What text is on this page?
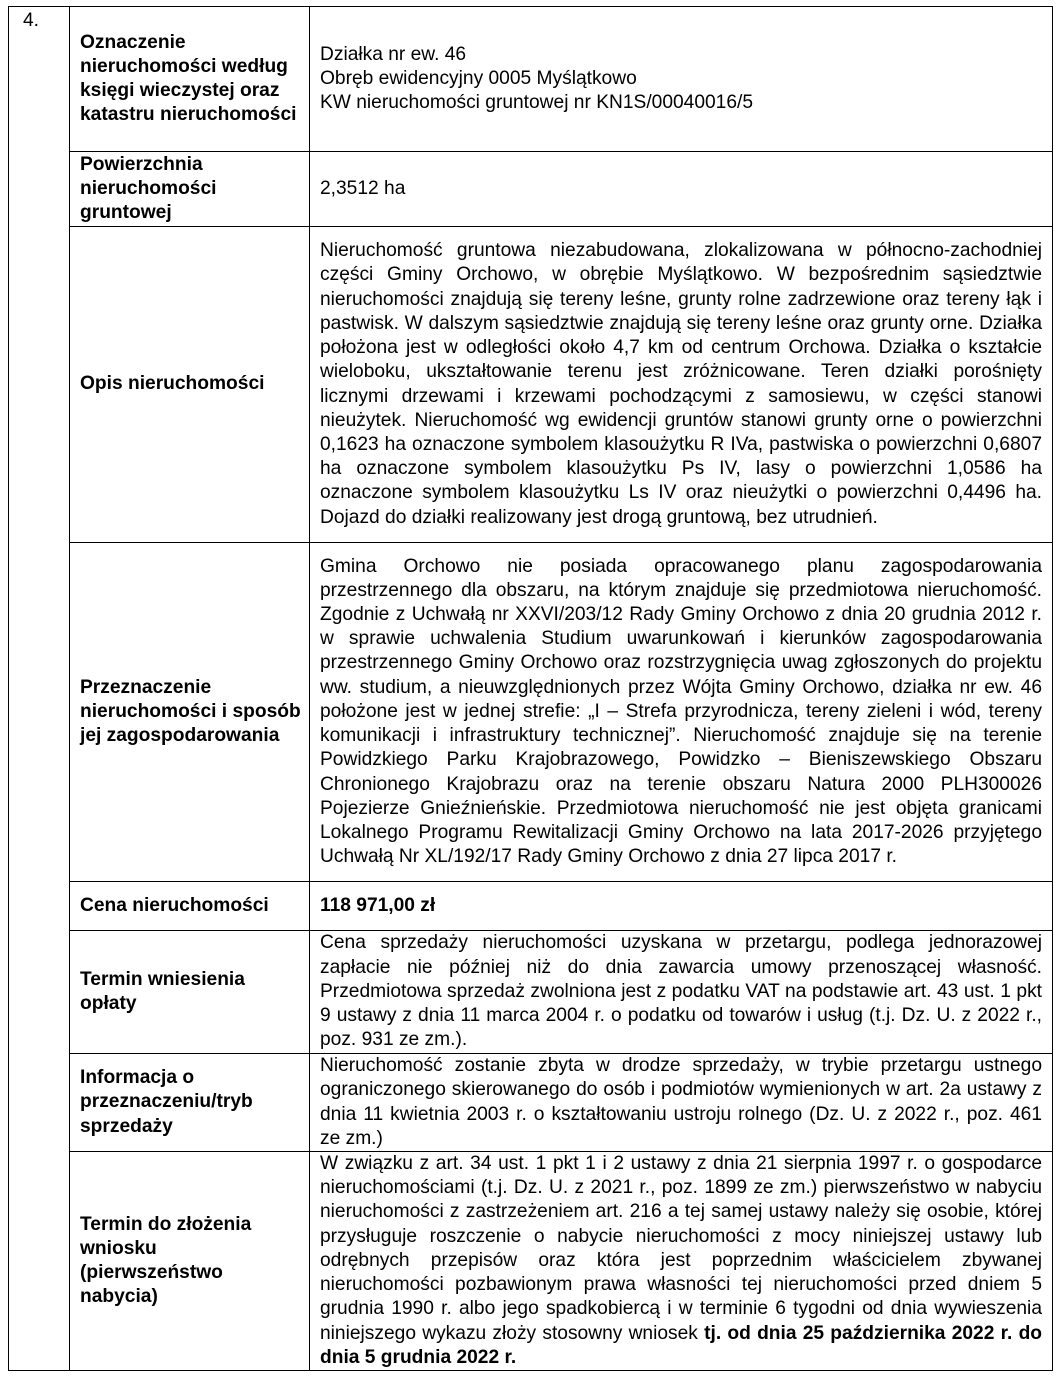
4.	Oznaczenie nieruchomości według księgi wieczystej oraz katastru nieruchomości	Działka nr ew. 46
Obręb ewidencyjny 0005 Myślątkowo
KW nieruchomości gruntowej nr KN1S/00040016/5

	Powierzchnia nieruchomości gruntowej	2,3512 ha
	Opis nieruchomości	Nieruchomość gruntowa niezabudowana, zlokalizowana w północno-zachodniej części Gminy Orchowo, w obrębie Myślątkowo. W bezpośrednim sąsiedztwie nieruchomości znajdują się tereny leśne, grunty rolne zadrzewione oraz tereny łąk i pastwisk. W dalszym sąsiedztwie znajdują się tereny leśne oraz grunty orne. Działka położona jest w odległości około 4,7 km od centrum Orchowa. Działka o kształcie wieloboku, ukształtowanie terenu jest zróżnicowane. Teren działki porośnięty licznymi drzewami i krzewami pochodzącymi z samosiewu, w części stanowi nieużytek. Nieruchomość wg ewidencji gruntów stanowi grunty orne o powierzchni 0,1623 ha oznaczone symbolem klasoużytku R IVa, pastwiska o powierzchni 0,6807 ha oznaczone symbolem klasoużytku Ps IV, lasy o powierzchni 1,0586 ha oznaczone symbolem klasoużytku Ls IV oraz nieużytki o powierzchni 0,4496 ha. Dojazd do działki realizowany jest drogą gruntową, bez utrudnień.
	Przeznaczenie nieruchomości i sposób jej zagospodarowania	Gmina Orchowo nie posiada opracowanego planu zagospodarowania przestrzennego dla obszaru, na którym znajduje się przedmiotowa nieruchomość. Zgodnie z Uchwałą nr XXVI/203/12 Rady Gminy Orchowo z dnia 20 grudnia 2012 r. w sprawie uchwalenia Studium uwarunkowań i kierunków zagospodarowania przestrzennego Gminy Orchowo oraz rozstrzygnięcia uwag zgłoszonych do projektu ww. studium, a nieuwzględnionych przez Wójta Gminy Orchowo, działka nr ew. 46 położone jest w jednej strefie: „I – Strefa przyrodnicza, tereny zieleni i wód, tereny komunikacji i infrastruktury technicznej”. Nieruchomość znajduje się na terenie Powidzkiego Parku Krajobrazowego, Powidzko – Bieniszewskiego Obszaru Chronionego Krajobrazu oraz na terenie obszaru Natura 2000 PLH300026 Pojezierze Gnieźnieńskie. Przedmiotowa nieruchomość nie jest objęta granicami Lokalnego Programu Rewitalizacji Gminy Orchowo na lata 2017-2026 przyjętego Uchwałą Nr XL/192/17 Rady Gminy Orchowo z dnia 27 lipca 2017 r.
	Cena nieruchomości	118 971,00 zł
	Termin wniesienia opłaty	Cena sprzedaży nieruchomości uzyskana w przetargu, podlega jednorazowej zapłacie nie później niż do dnia zawarcia umowy przenoszącej własność. Przedmiotowa sprzedaż zwolniona jest z podatku VAT na podstawie art. 43 ust. 1 pkt 9 ustawy z dnia 11 marca 2004 r. o podatku od towarów i usług (t.j. Dz. U. z 2022 r., poz. 931 ze zm.).
	Informacja o przeznaczeniu/tryb sprzedaży	Nieruchomość zostanie zbyta w drodze sprzedaży, w trybie przetargu ustnego ograniczonego skierowanego do osób i podmiotów wymienionych w art. 2a ustawy z dnia 11 kwietnia 2003 r. o kształtowaniu ustroju rolnego (Dz. U. z 2022 r., poz. 461 ze zm.)
	Termin do złożenia wniosku (pierwszeństwo nabycia)	W związku z art. 34 ust. 1 pkt 1 i 2 ustawy z dnia 21 sierpnia 1997 r. o gospodarce nieruchomościami (t.j. Dz. U. z 2021 r., poz. 1899 ze zm.) pierwszeństwo w nabyciu nieruchomości z zastrzeżeniem art. 216 a tej samej ustawy należy się osobie, której przysługuje roszczenie o nabycie nieruchomości z mocy niniejszej ustawy lub odrębnych przepisów oraz która jest poprzednim właścicielem zbywanej nieruchomości pozbawionym prawa własności tej nieruchomości przed dniem 5 grudnia 1990 r. albo jego spadkobiercą i w terminie 6 tygodni od dnia wywieszenia niniejszego wykazu złoży stosowny wniosek tj. od dnia 25 października 2022 r. do dnia 5 grudnia 2022 r.
